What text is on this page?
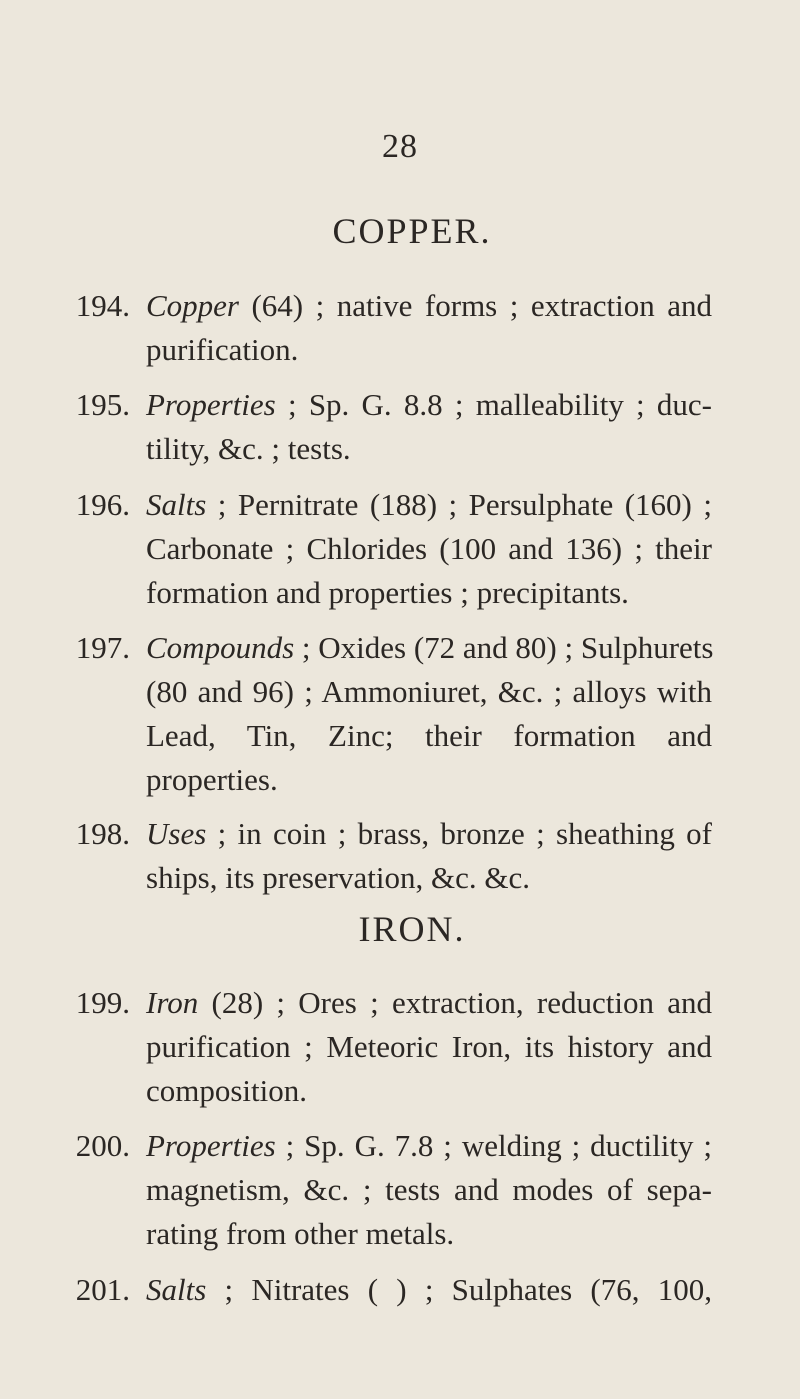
28
COPPER.
194. Copper (64) ; native forms ; extraction and
purification.
195. Properties ; Sp. G. 8.8 ; malleability ; duc-
tility, &c. ; tests.
196. Salts ; Pernitrate (188) ; Persulphate (160) ;
Carbonate ; Chlorides (100 and 136) ; their
formation and properties ; precipitants.
197. Compounds ; Oxides (72 and 80) ; Sulphurets
(80 and 96) ; Ammoniuret, &c. ; alloys with
Lead, Tin, Zinc; their formation and
properties.
198. Uses ; in coin ; brass, bronze ; sheathing of
ships, its preservation, &c. &c.
IRON.
199. Iron (28) ; Ores ; extraction, reduction and
purification ; Meteoric Iron, its history and
composition.
200. Properties ; Sp. G. 7.8 ; welding ; ductility ;
magnetism, &c. ; tests and modes of sepa-
rating from other metals.
201. Salts ; Nitrates ( ) ; Sulphates (76, 100,
